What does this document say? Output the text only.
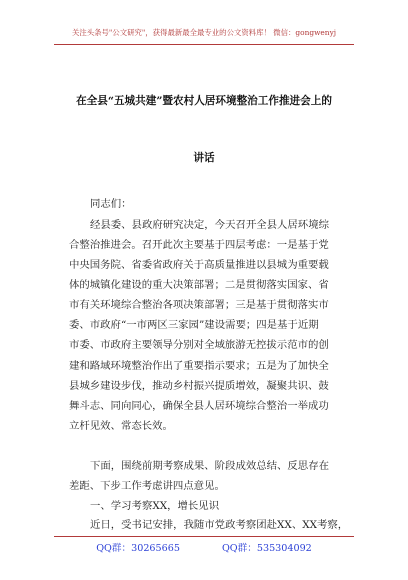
关注头条号"公文研究"，获得最新最全最专业的公文资料库！ 微信：gongwenyj
在全县“五城共建”暨农村人居环境整治工作推进会上的
讲话
同志们：
经县委、县政府研究决定，今天召开全县人居环境综
合整治推进会。召开此次主要基于四层考虑：一是基于党
中央国务院、省委省政府关于高质量推进以县城为重要载
体的城镇化建设的重大决策部署；二是贯彻落实国家、省
市有关环境综合整治各项决策部署；三是基于贯彻落实市
委、市政府“一市两区三家园”建设需要；四是基于近期
市委、市政府主要领导分别对全域旅游无控拔示范市的创
建和路域环境整治作出了重要指示要求；五是为了加快全
县城乡建设步伐，推动乡村振兴提质增效，凝聚共识、鼓
舞斗志、同向同心，确保全县人居环境综合整治一举成功
立杆见效、常态长效。
下面，围绕前期考察成果、阶段成效总结、反思存在
差距、下步工作考虑讲四点意见。
一、学习考察XX，增长见识
近日，受书记安排，我随市党政考察团赴XX、XX考察，
QQ群：30265665	QQ群：535304092
